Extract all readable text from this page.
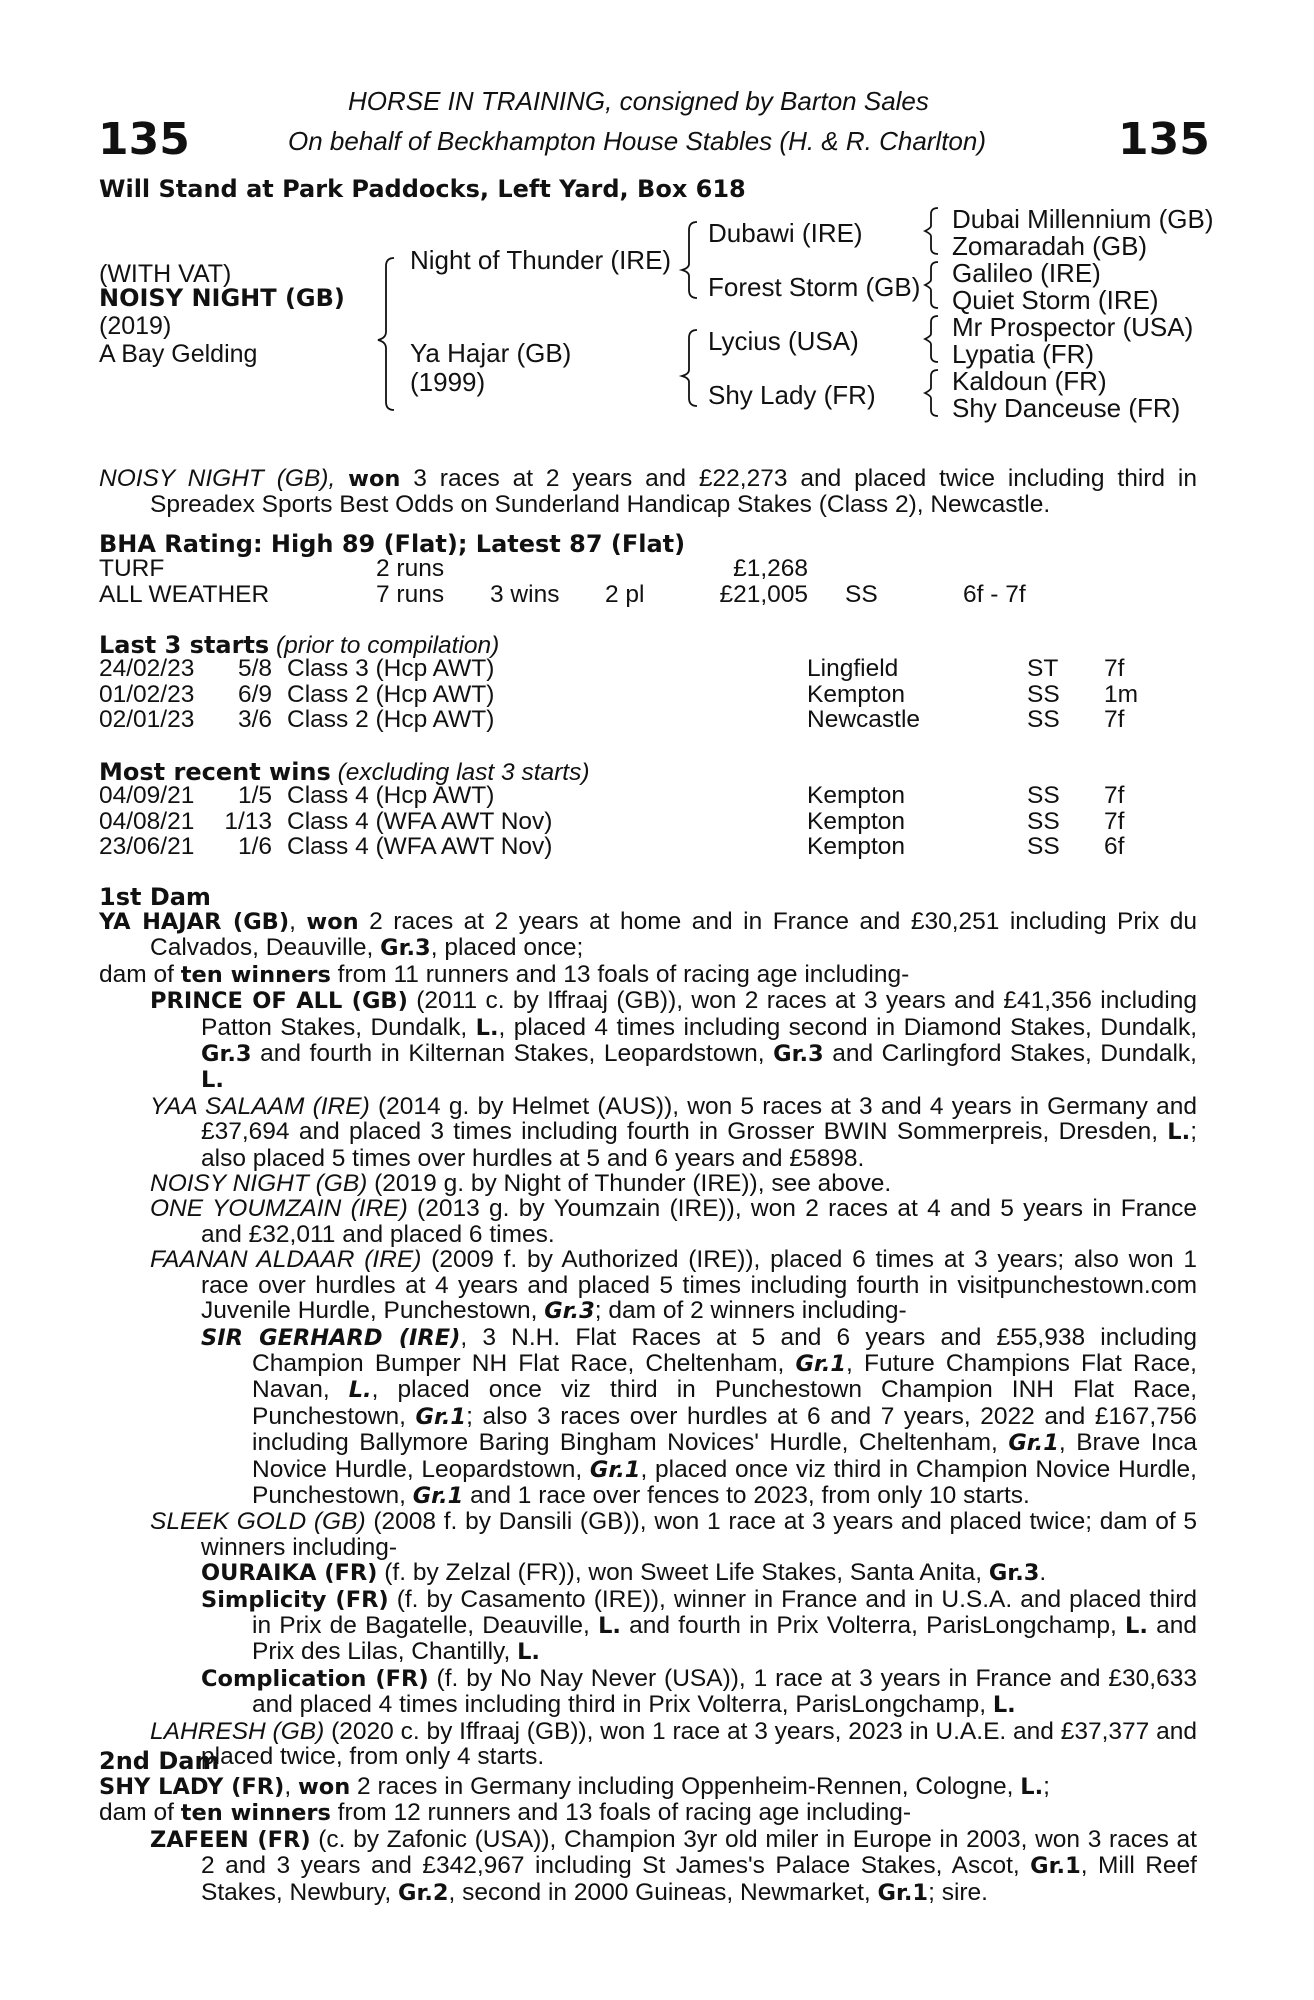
135	135
HORSE IN TRAINING, consigned by Barton Sales
On behalf of Beckhampton House Stables (H. & R. Charlton)
Will Stand at Park Paddocks, Left Yard, Box 618
(WITH VAT)
NOISY NIGHT (GB)
(2019)
A Bay Gelding
Night of Thunder (IRE)
Ya Hajar (GB)
(1999)
Dubawi (IRE)
Forest Storm (GB)
Lycius (USA)
Shy Lady (FR)
Dubai Millennium (GB)
Zomaradah (GB)
Galileo (IRE)
Quiet Storm (IRE)
Mr Prospector (USA)
Lypatia (FR)
Kaldoun (FR)
Shy Danceuse (FR)

NOISY NIGHT (GB), won 3 races at 2 years and £22,273 and placed twice including third in

Spreadex Sports Best Odds on Sunderland Handicap Stakes (Class 2), Newcastle.

BHA Rating: High 89 (Flat); Latest 87 (Flat)
TURF	2 runs	£1,268
ALL WEATHER	7 runs 3 wins 2 pl	£21,005 SS	6f - 7f
Last 3 starts (prior to compilation)
24/02/23	5/8 Class 3 (Hcp AWT)	Lingfield	ST 7f
01/02/23	6/9 Class 2 (Hcp AWT)	Kempton	SS 1m
02/01/23	3/6 Class 2 (Hcp AWT)	Newcastle	SS 7f
Most recent wins (excluding last 3 starts)
04/09/21	1/5 Class 4 (Hcp AWT)	Kempton	SS 7f
04/08/21	1/13 Class 4 (WFA AWT Nov)	Kempton	SS 7f
23/06/21	1/6 Class 4 (WFA AWT Nov)	Kempton	SS 6f
1st Dam

YA HAJAR (GB), won 2 races at 2 years at home and in France and £30,251 including Prix du Calvados, Deauville, Gr.3, placed once;

dam of ten winners from 11 runners and 13 foals of racing age including-

PRINCE OF ALL (GB) (2011 c. by Iffraaj (GB)), won 2 races at 3 years and £41,356 including Patton Stakes, Dundalk, L., placed 4 times including second in Diamond Stakes, Dundalk, Gr.3 and fourth in Kilternan Stakes, Leopardstown, Gr.3 and Carlingford Stakes, Dundalk, L.

YAA SALAAM (IRE) (2014 g. by Helmet (AUS)), won 5 races at 3 and 4 years in Germany and £37,694 and placed 3 times including fourth in Grosser BWIN Sommerpreis, Dresden, L.; also placed 5 times over hurdles at 5 and 6 years and £5898.

NOISY NIGHT (GB) (2019 g. by Night of Thunder (IRE)), see above.

ONE YOUMZAIN (IRE) (2013 g. by Youmzain (IRE)), won 2 races at 4 and 5 years in France and £32,011 and placed 6 times.

FAANAN ALDAAR (IRE) (2009 f. by Authorized (IRE)), placed 6 times at 3 years; also won 1 race over hurdles at 4 years and placed 5 times including fourth in visitpunchestown.com Juvenile Hurdle, Punchestown, Gr.3; dam of 2 winners including-

SIR GERHARD (IRE), 3 N.H. Flat Races at 5 and 6 years and £55,938 including Champion Bumper NH Flat Race, Cheltenham, Gr.1, Future Champions Flat Race, Navan, L., placed once viz third in Punchestown Champion INH Flat Race, Punchestown, Gr.1; also 3 races over hurdles at 6 and 7 years, 2022 and £167,756 including Ballymore Baring Bingham Novices' Hurdle, Cheltenham, Gr.1, Brave Inca Novice Hurdle, Leopardstown, Gr.1, placed once viz third in Champion Novice Hurdle, Punchestown, Gr.1 and 1 race over fences to 2023, from only 10 starts.

SLEEK GOLD (GB) (2008 f. by Dansili (GB)), won 1 race at 3 years and placed twice; dam of 5 winners including-

OURAIKA (FR) (f. by Zelzal (FR)), won Sweet Life Stakes, Santa Anita, Gr.3.

Simplicity (FR) (f. by Casamento (IRE)), winner in France and in U.S.A. and placed third in Prix de Bagatelle, Deauville, L. and fourth in Prix Volterra, ParisLongchamp, L. and Prix des Lilas, Chantilly, L.

Complication (FR) (f. by No Nay Never (USA)), 1 race at 3 years in France and £30,633 and placed 4 times including third in Prix Volterra, ParisLongchamp, L.

LAHRESH (GB) (2020 c. by Iffraaj (GB)), won 1 race at 3 years, 2023 in U.A.E. and £37,377 and placed twice, from only 4 starts.

2nd Dam

SHY LADY (FR), won 2 races in Germany including Oppenheim-Rennen, Cologne, L.;

dam of ten winners from 12 runners and 13 foals of racing age including-

ZAFEEN (FR) (c. by Zafonic (USA)), Champion 3yr old miler in Europe in 2003, won 3 races at 2 and 3 years and £342,967 including St James's Palace Stakes, Ascot, Gr.1, Mill Reef Stakes, Newbury, Gr.2, second in 2000 Guineas, Newmarket, Gr.1; sire.
